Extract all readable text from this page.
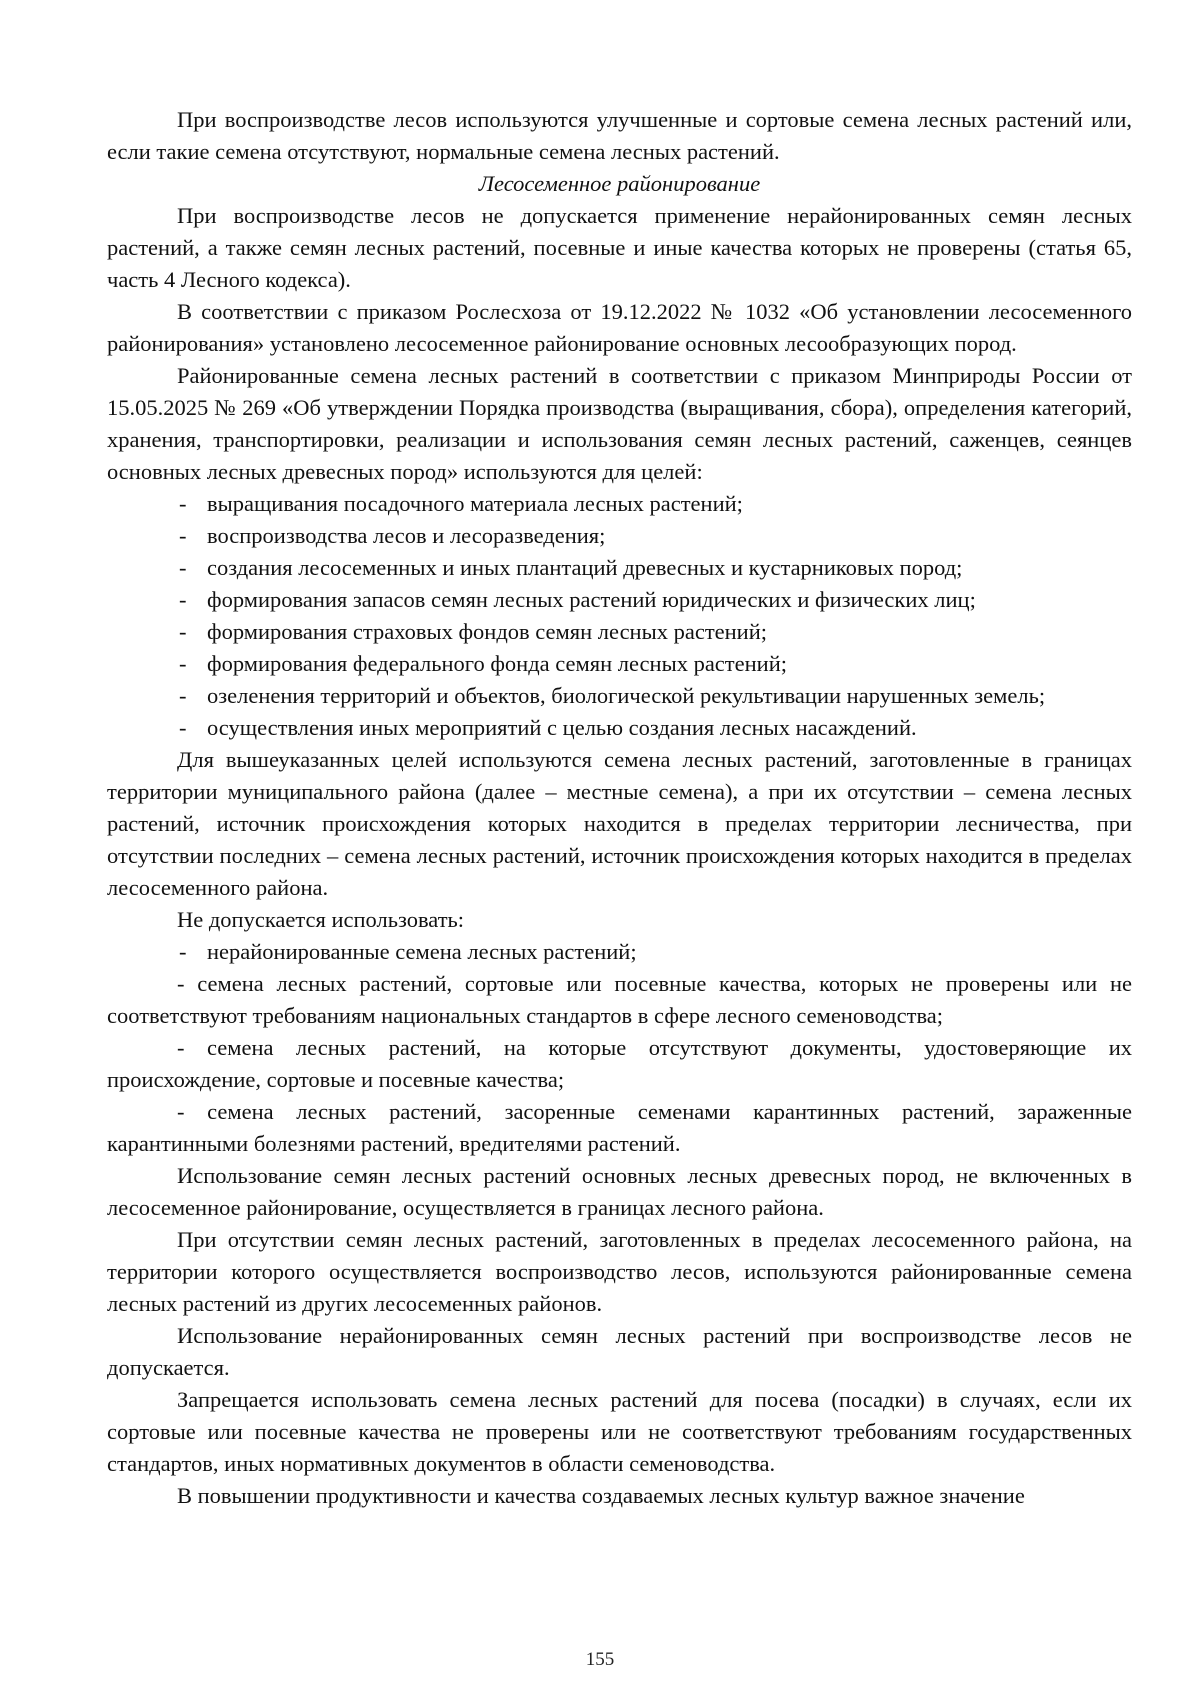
При воспроизводстве лесов используются улучшенные и сортовые семена лесных растений или, если такие семена отсутствуют, нормальные семена лесных растений.

Лесосеменное районирование

При воспроизводстве лесов не допускается применение нерайонированных семян лесных растений, а также семян лесных растений, посевные и иные качества которых не проверены (статья 65, часть 4 Лесного кодекса).

В соответствии с приказом Рослесхоза от 19.12.2022 № 1032 «Об установлении лесосеменного районирования» установлено лесосеменное районирование основных лесообразующих пород.

Районированные семена лесных растений в соответствии с приказом Минприроды России от 15.05.2025 № 269 «Об утверждении Порядка производства (выращивания, сбора), определения категорий, хранения, транспортировки, реализации и использования семян лесных растений, саженцев, сеянцев основных лесных древесных пород» используются для целей:

- выращивания посадочного материала лесных растений;
- воспроизводства лесов и лесоразведения;
- создания лесосеменных и иных плантаций древесных и кустарниковых пород;
- формирования запасов семян лесных растений юридических и физических лиц;
- формирования страховых фондов семян лесных растений;
- формирования федерального фонда семян лесных растений;
- озеленения территорий и объектов, биологической рекультивации нарушенных земель;
- осуществления иных мероприятий с целью создания лесных насаждений.

Для вышеуказанных целей используются семена лесных растений, заготовленные в границах территории муниципального района (далее – местные семена), а при их отсутствии – семена лесных растений, источник происхождения которых находится в пределах территории лесничества, при отсутствии последних – семена лесных растений, источник происхождения которых находится в пределах лесосеменного района.

Не допускается использовать:

- нерайонированные семена лесных растений;

- семена лесных растений, сортовые или посевные качества, которых не проверены или не соответствуют требованиям национальных стандартов в сфере лесного семеноводства;

- семена лесных растений, на которые отсутствуют документы, удостоверяющие их происхождение, сортовые и посевные качества;

- семена лесных растений, засоренные семенами карантинных растений, зараженные карантинными болезнями растений, вредителями растений.

Использование семян лесных растений основных лесных древесных пород, не включенных в лесосеменное районирование, осуществляется в границах лесного района.

При отсутствии семян лесных растений, заготовленных в пределах лесосеменного района, на территории которого осуществляется воспроизводство лесов, используются районированные семена лесных растений из других лесосеменных районов.

Использование нерайонированных семян лесных растений при воспроизводстве лесов не допускается.

Запрещается использовать семена лесных растений для посева (посадки) в случаях, если их сортовые или посевные качества не проверены или не соответствуют требованиям государственных стандартов, иных нормативных документов в области семеноводства.

В повышении продуктивности и качества создаваемых лесных культур важное значение

155
